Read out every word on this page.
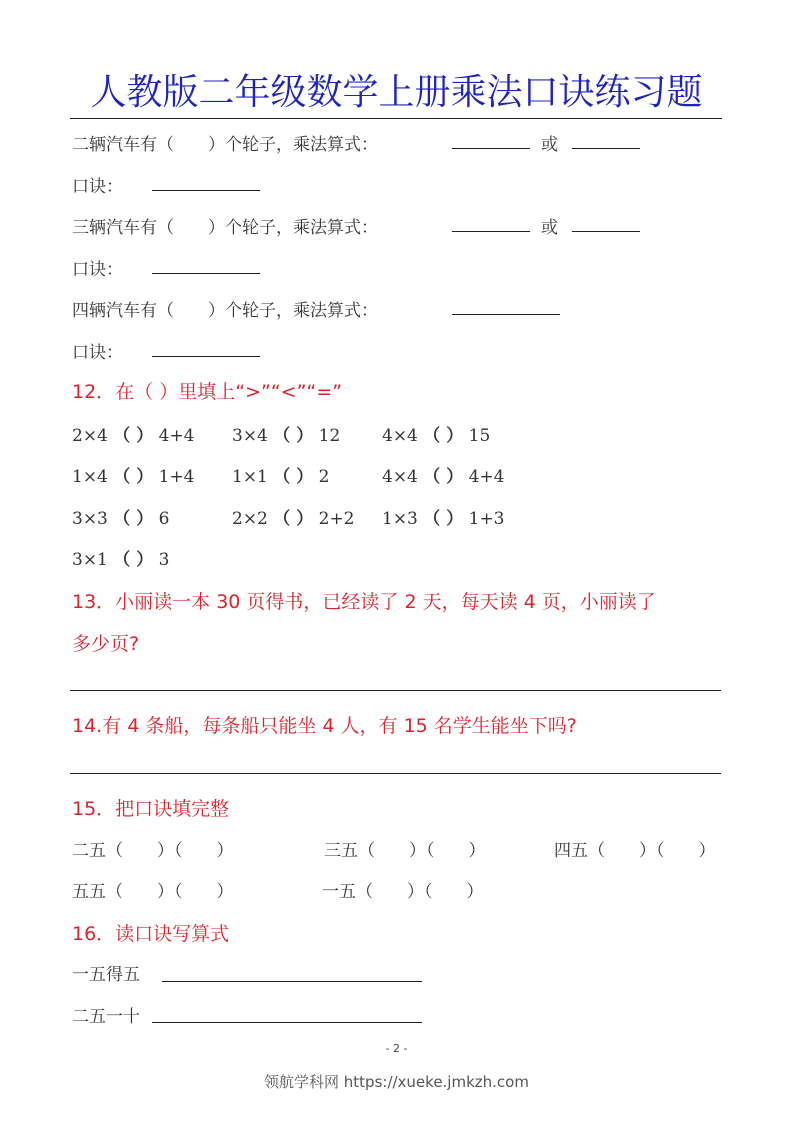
人教版二年级数学上册乘法口诀练习题
二辆汽车有（　　）个轮子，乘法算式：	或
口诀：
三辆汽车有（　　）个轮子，乘法算式：	或
口诀：
四辆汽车有（　　）个轮子，乘法算式：
口诀：
12．在（ ）里填上“>”“<”“=”
2×4 （ ） 4+4 3×4 （ ） 12 4×4 （ ） 15
1×4 （ ） 1+4 1×1 （ ） 2	4×4 （ ） 4+4
3×3 （ ） 6	2×2 （ ） 2+2 1×3 （ ） 1+3
3×1 （ ） 3
13．小丽读一本 30 页得书，已经读了 2 天，每天读 4 页，小丽读了
多少页?
14.有 4 条船，每条船只能坐 4 人，有 15 名学生能坐下吗?
15．把口诀填完整
二五（　　）（　　）	三五（　　）（　　）	四五（　　）（　　）
五五（　　）（　　）	一五（　　）（　　）
16．读口诀写算式
一五得五
二五一十
- 2 -
领航学科网 https://xueke.jmkzh.com
